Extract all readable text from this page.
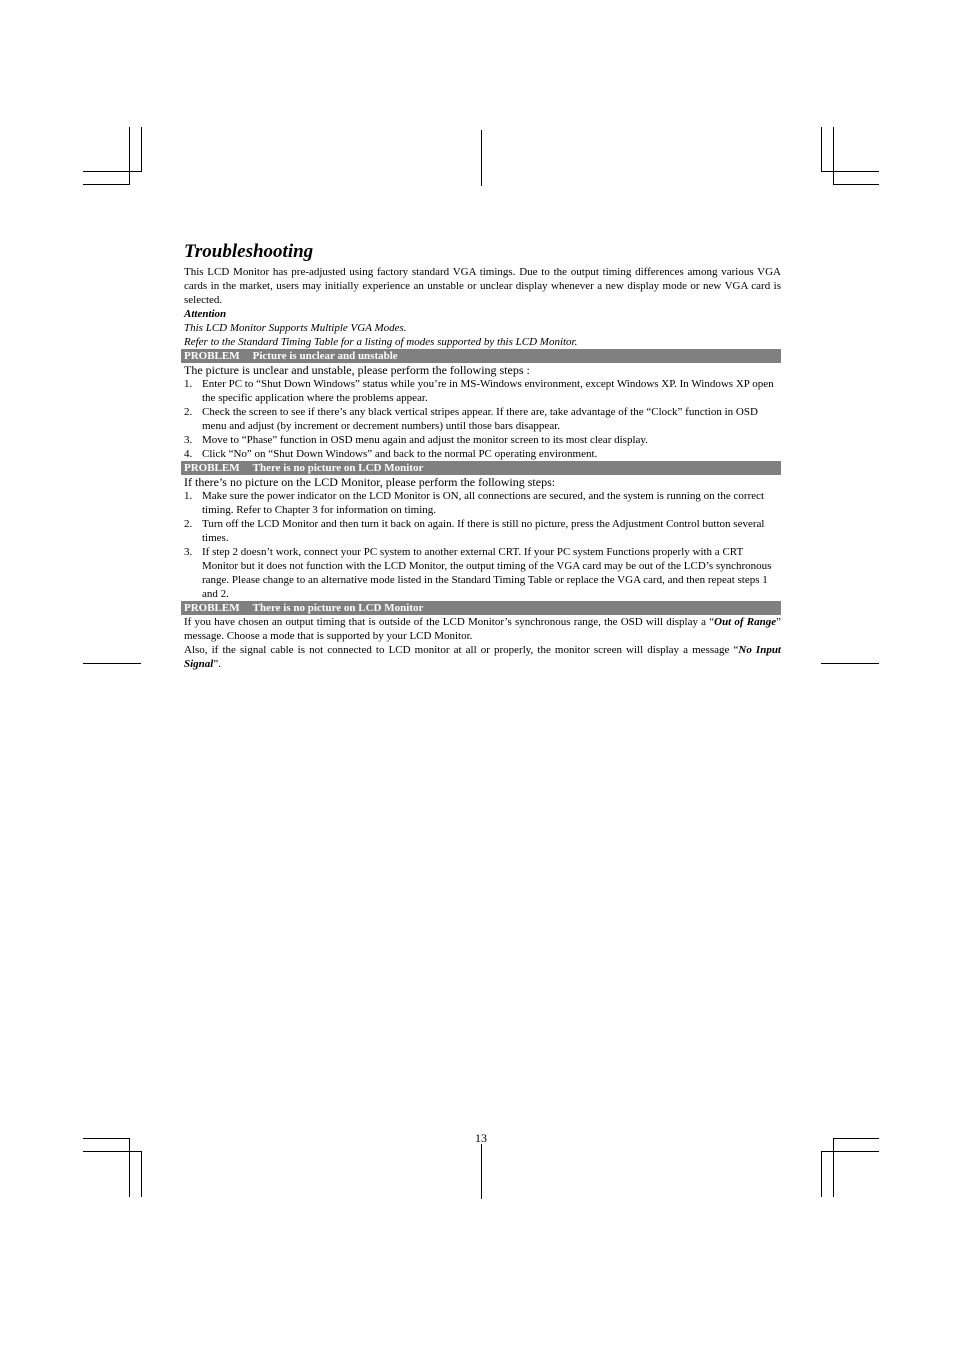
Troubleshooting

This LCD Monitor has pre-adjusted using factory standard VGA timings. Due to the output timing differences among various VGA cards in the market, users may initially experience an unstable or unclear display whenever a new display mode or new VGA card is selected.

Attention

This LCD Monitor Supports Multiple VGA Modes.

Refer to the Standard Timing Table for a listing of modes supported by this LCD Monitor.

PROBLEM Picture is unclear and unstable

The picture is unclear and unstable, please perform the following steps :

1. Enter PC to “Shut Down Windows” status while you’re in MS-Windows environment, except Windows XP. In Windows XP open the specific application where the problems appear.
2. Check the screen to see if there’s any black vertical stripes appear. If there are, take advantage of the “Clock” function in OSD menu and adjust (by increment or decrement numbers) until those bars disappear.
3. Move to “Phase” function in OSD menu again and adjust the monitor screen to its most clear display.
4. Click “No” on “Shut Down Windows” and back to the normal PC operating environment.
PROBLEM There is no picture on LCD Monitor

If there’s no picture on the LCD Monitor, please perform the following steps:

1. Make sure the power indicator on the LCD Monitor is ON, all connections are secured, and the system is running on the correct timing. Refer to Chapter 3 for information on timing.
2. Turn off the LCD Monitor and then turn it back on again. If there is still no picture, press the Adjustment Control button several times.
3. If step 2 doesn’t work, connect your PC system to another external CRT. If your PC system Functions properly with a CRT Monitor but it does not function with the LCD Monitor, the output timing of the VGA card may be out of the LCD’s synchronous range. Please change to an alternative mode listed in the Standard Timing Table or replace the VGA card, and then repeat steps 1 and 2.
PROBLEM There is no picture on LCD Monitor

If you have chosen an output timing that is outside of the LCD Monitor’s synchronous range, the OSD will display a “Out of Range” message. Choose a mode that is supported by your LCD Monitor.

Also, if the signal cable is not connected to LCD monitor at all or properly, the monitor screen will display a message “No Input Signal”.

13
